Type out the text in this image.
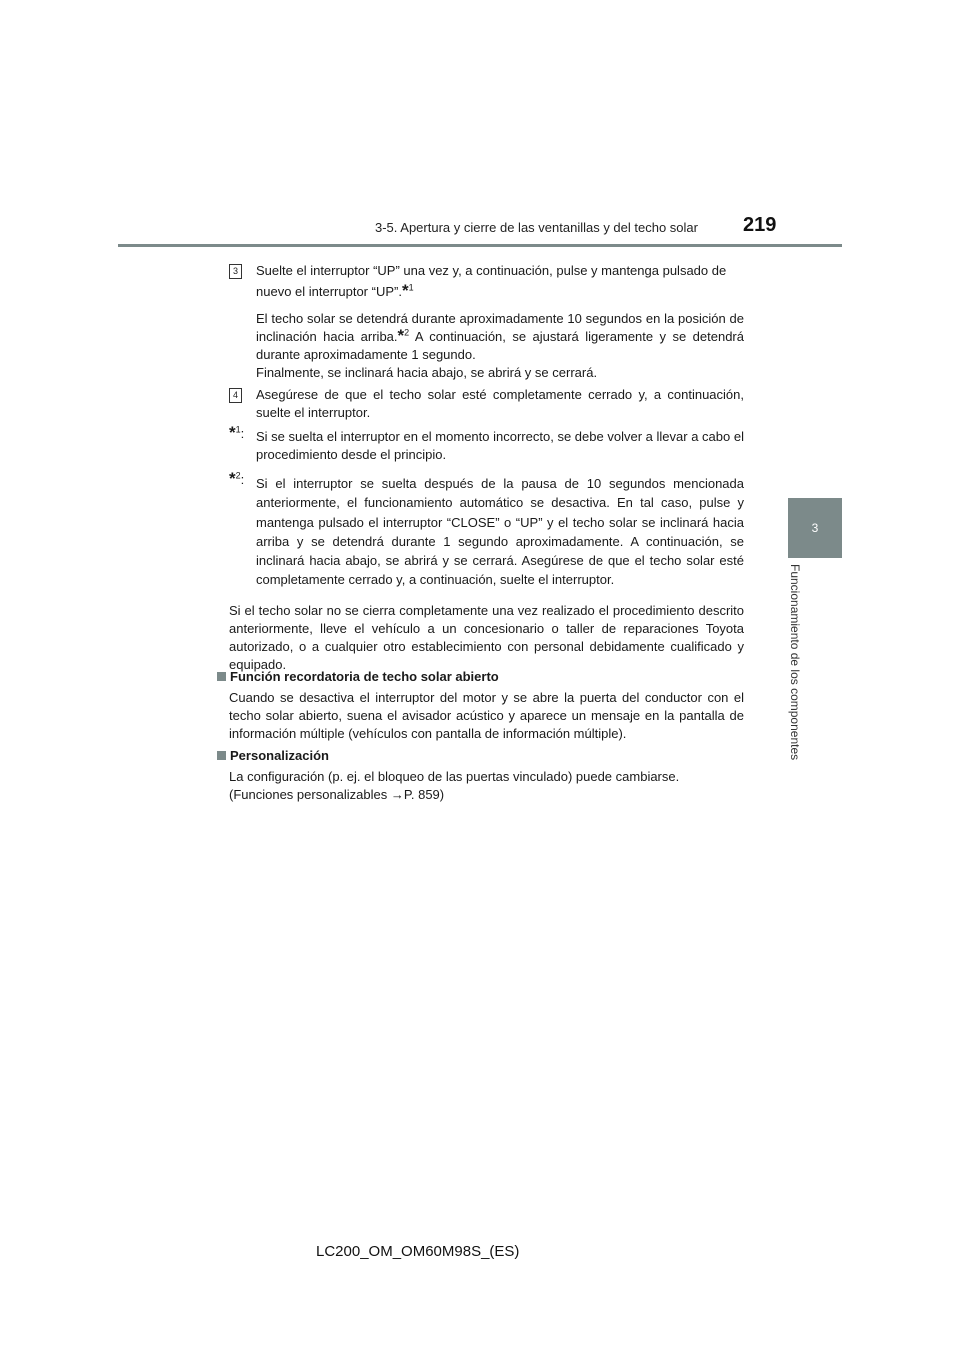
3-5. Apertura y cierre de las ventanillas y del techo solar 219
3
Funcionamiento de los componentes
3	Suelte el interruptor “UP” una vez y, a continuación, pulse y mantenga pulsado de

nuevo el interruptor “UP”.*$^1$

El techo solar se detendrá durante aproximadamente 10 segundos en la posición de inclinación hacia arriba.*$^2$ A continuación, se ajustará ligeramente y se detendrá durante aproximadamente 1 segundo.

Finalmente, se inclinará hacia abajo, se abrirá y se cerrará.

4	Asegúrese de que el techo solar esté completamente cerrado y, a continuación, suelte el interruptor.

*$^1$: Si se suelta el interruptor en el momento incorrecto, se debe volver a llevar a cabo el procedimiento desde el principio.

*$^2$: Si el interruptor se suelta después de la pausa de 10 segundos mencionada anteriormente, el funcionamiento automático se desactiva. En tal caso, pulse y mantenga pulsado el interruptor “CLOSE” o “UP” y el techo solar se inclinará hacia arriba y se detendrá durante 1 segundo aproximadamente. A continuación, se inclinará hacia abajo, se abrirá y se cerrará. Asegúrese de que el techo solar esté completamente cerrado y, a continuación, suelte el interruptor.

Si el techo solar no se cierra completamente una vez realizado el procedimiento descrito anteriormente, lleve el vehículo a un concesionario o taller de reparaciones Toyota autorizado, o a cualquier otro establecimiento con personal debidamente cualificado y equipado.

Función recordatoria de techo solar abierto

Cuando se desactiva el interruptor del motor y se abre la puerta del conductor con el techo solar abierto, suena el avisador acústico y aparece un mensaje en la pantalla de información múltiple (vehículos con pantalla de información múltiple).

Personalización

La configuración (p. ej. el bloqueo de las puertas vinculado) puede cambiarse.

(Funciones personalizables →P. 859)

LC200_OM_OM60M98S_(ES)
